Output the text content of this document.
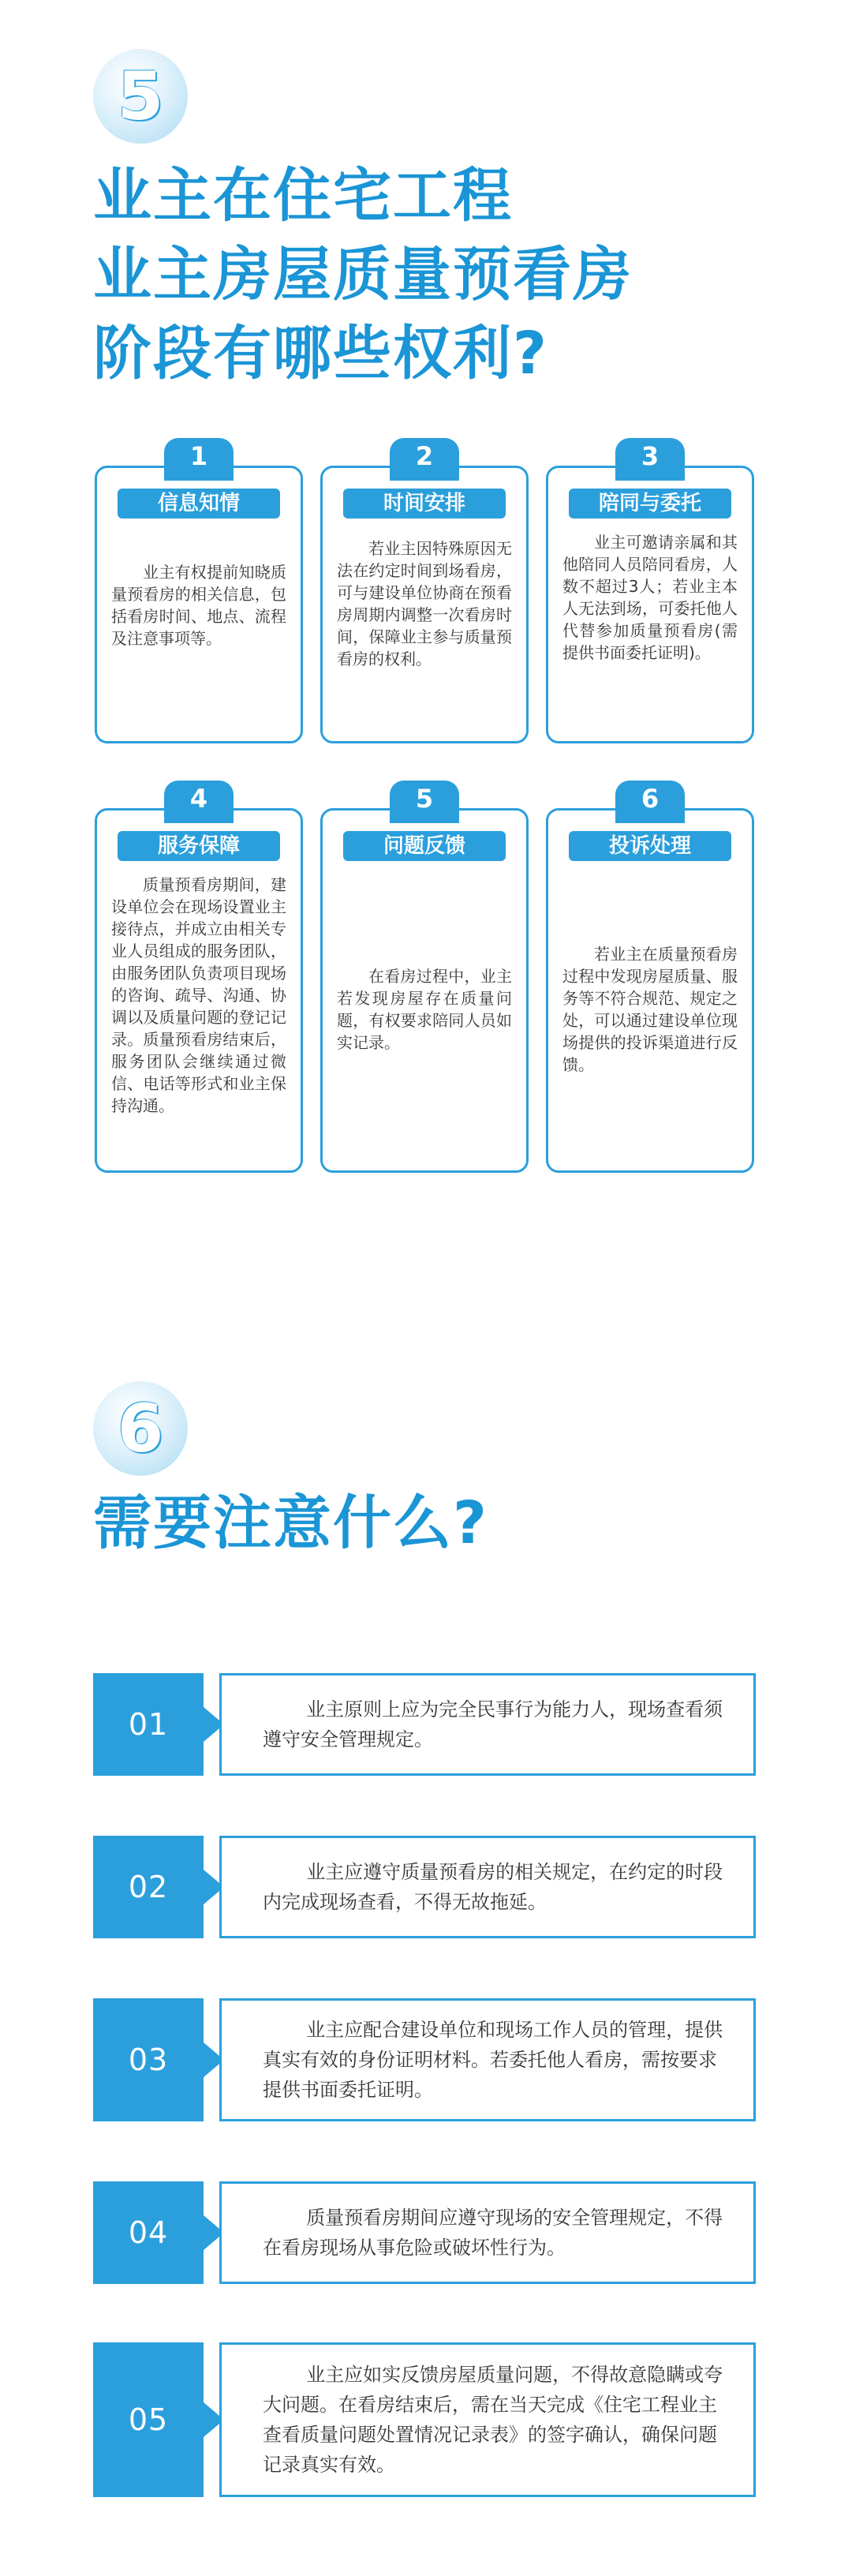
5
业主在住宅工程
业主房屋质量预看房
阶段有哪些权利?
1
信息知情
业主有权提前知晓质量预看房的相关信息，包括看房时间、地点、流程及注意事项等。
2
时间安排
若业主因特殊原因无法在约定时间到场看房，可与建设单位协商在预看房周期内调整一次看房时间，保障业主参与质量预看房的权利。
3
陪同与委托
业主可邀请亲属和其他陪同人员陪同看房，人数不超过3人；若业主本人无法到场，可委托他人代替参加质量预看房(需提供书面委托证明)。
4
服务保障
质量预看房期间，建设单位会在现场设置业主接待点，并成立由相关专业人员组成的服务团队，由服务团队负责项目现场的咨询、疏导、沟通、协调以及质量问题的登记记录。质量预看房结束后，服务团队会继续通过微信、电话等形式和业主保持沟通。
5
问题反馈
在看房过程中，业主若发现房屋存在质量问题，有权要求陪同人员如实记录。
6
投诉处理
若业主在质量预看房过程中发现房屋质量、服务等不符合规范、规定之处，可以通过建设单位现场提供的投诉渠道进行反馈。
6
需要注意什么?
01	业主原则上应为完全民事行为能力人，现场查看须遵守安全管理规定。
02	业主应遵守质量预看房的相关规定，在约定的时段内完成现场查看，不得无故拖延。
03
业主应配合建设单位和现场工作人员的管理，提供真实有效的身份证明材料。若委托他人看房，需按要求提供书面委托证明。
04	质量预看房期间应遵守现场的安全管理规定，不得在看房现场从事危险或破坏性行为。
05
业主应如实反馈房屋质量问题，不得故意隐瞒或夸大问题。在看房结束后，需在当天完成《住宅工程业主查看质量问题处置情况记录表》的签字确认，确保问题记录真实有效。
